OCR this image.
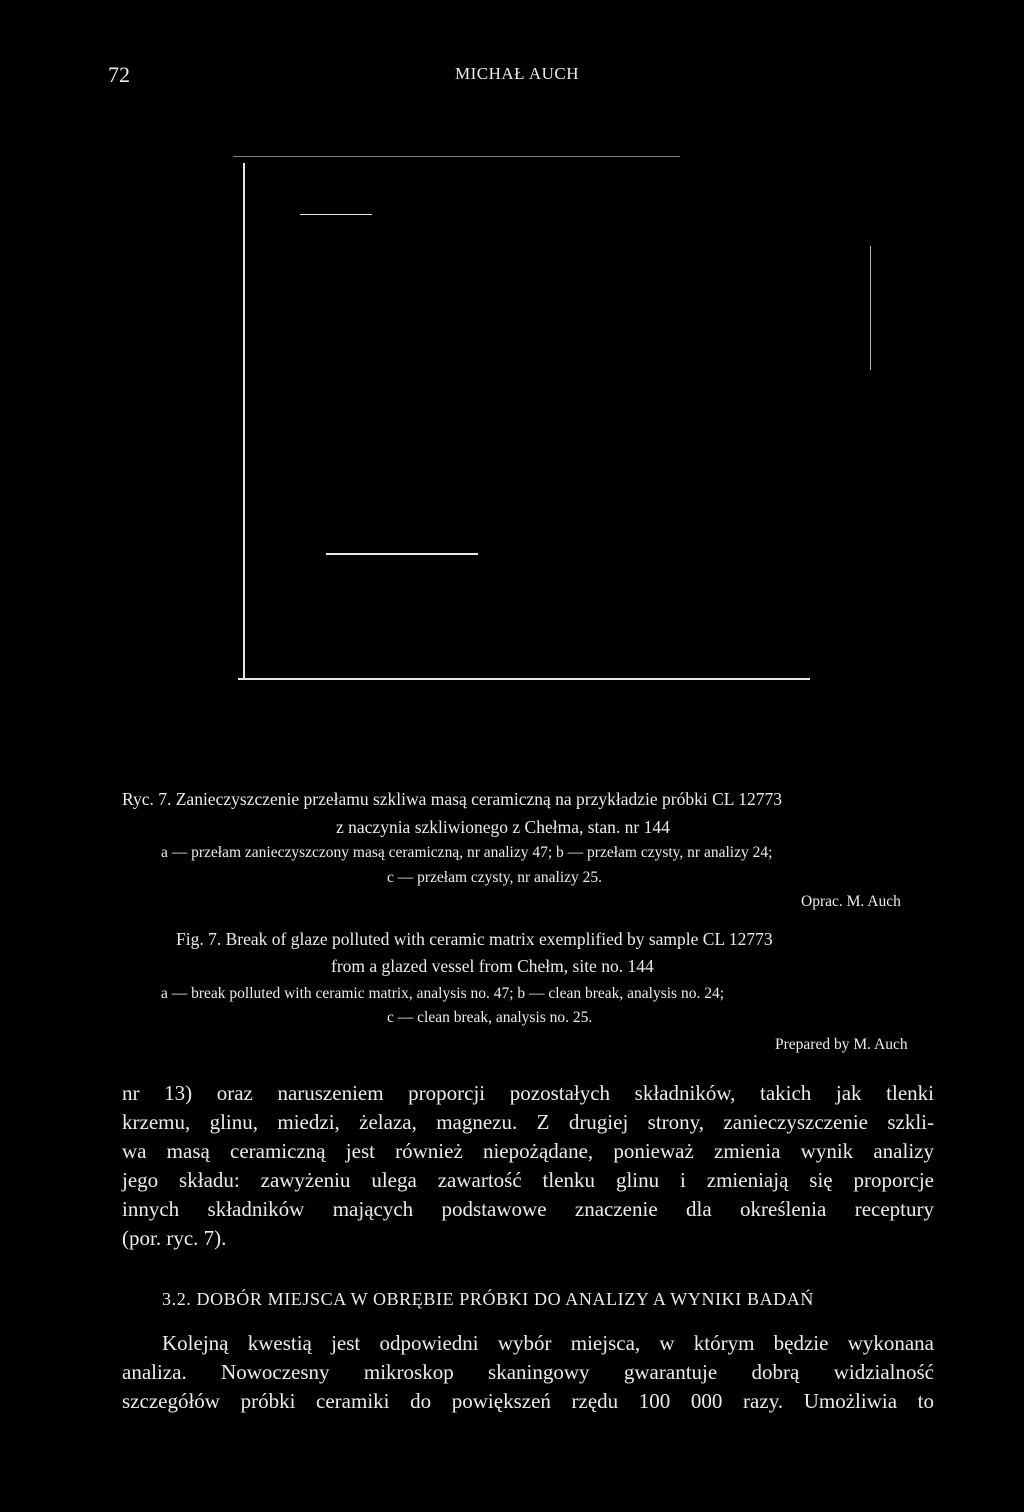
72	MICHAŁ AUCH
Ryc. 7. Zanieczyszczenie przełamu szkliwa masą ceramiczną na przykładzie próbki CL 12773
z naczynia szkliwionego z Chełma, stan. nr 144
a — przełam zanieczyszczony masą ceramiczną, nr analizy 47; b — przełam czysty, nr analizy 24;
c — przełam czysty, nr analizy 25.
Oprac. M. Auch
Fig. 7. Break of glaze polluted with ceramic matrix exemplified by sample CL 12773
from a glazed vessel from Chełm, site no. 144
a — break polluted with ceramic matrix, analysis no. 47; b — clean break, analysis no. 24;
c — clean break, analysis no. 25.
Prepared by M. Auch
nr 13) oraz naruszeniem proporcji pozostałych składników, takich jak tlenki
krzemu, glinu, miedzi, żelaza, magnezu. Z drugiej strony, zanieczyszczenie szkli-
wa masą ceramiczną jest również niepożądane, ponieważ zmienia wynik analizy
jego składu: zawyżeniu ulega zawartość tlenku glinu i zmieniają się proporcje
innych składników mających podstawowe znaczenie dla określenia receptury
(por. ryc. 7).
3.2. DOBÓR MIEJSCA W OBRĘBIE PRÓBKI DO ANALIZY A WYNIKI BADAŃ
Kolejną kwestią jest odpowiedni wybór miejsca, w którym będzie wykonana
analiza. Nowoczesny mikroskop skaningowy gwarantuje dobrą widzialność
szczegółów próbki ceramiki do powiększeń rzędu 100 000 razy. Umożliwia to
